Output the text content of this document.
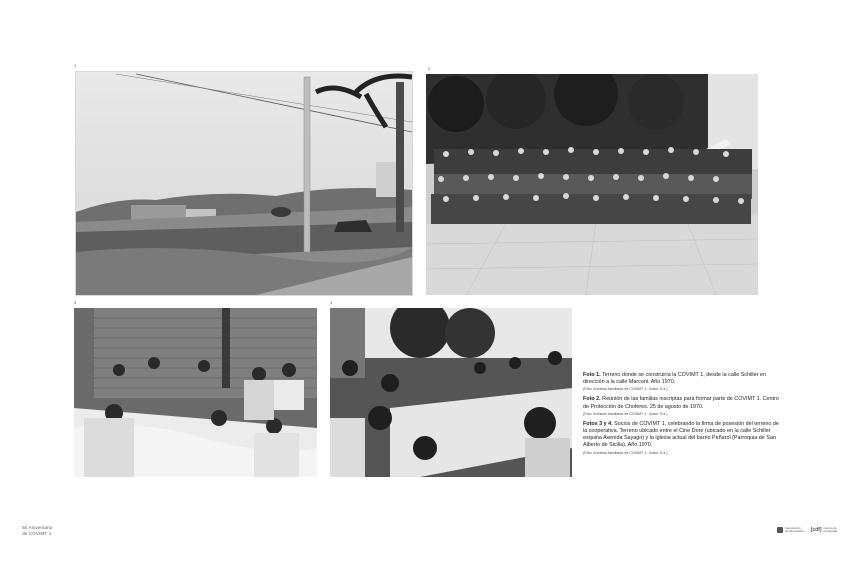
1
2
3	4

Foto 1. Terreno donde se construiría la COVIMT 1, desde la calle Schiller en dirección a la calle Marconi. Año 1970.
(Foto: Archivos familiares de COVIMT 1 - Autor: S.d.).

Foto 2. Reunión de las familias inscriptas para formar parte de COVIMT 1. Centro de Protección de Choferes. 25 de agosto de 1970.
(Foto: Archivos familiares de COVIMT 1 - Autor: S.d.).

Fotos 3 y 4. Socios de COVIMT 1, celebrando la firma de posesión del terreno de la cooperativa. Terreno ubicado entre el Cine Dore (ubicado en la calle Schiller esquina Avenida Sayago) y la iglesia actual del barrio Peñarol (Parroquia de San Alberto de Sicilia). Año 1970.
(Foto: Archivos familiares de COVIMT 1 - Autor: S.d.).

50 Aniversario
de COVIMT 1
Intendencia
de Montevideo [cdf] Centro de
Fotografía
